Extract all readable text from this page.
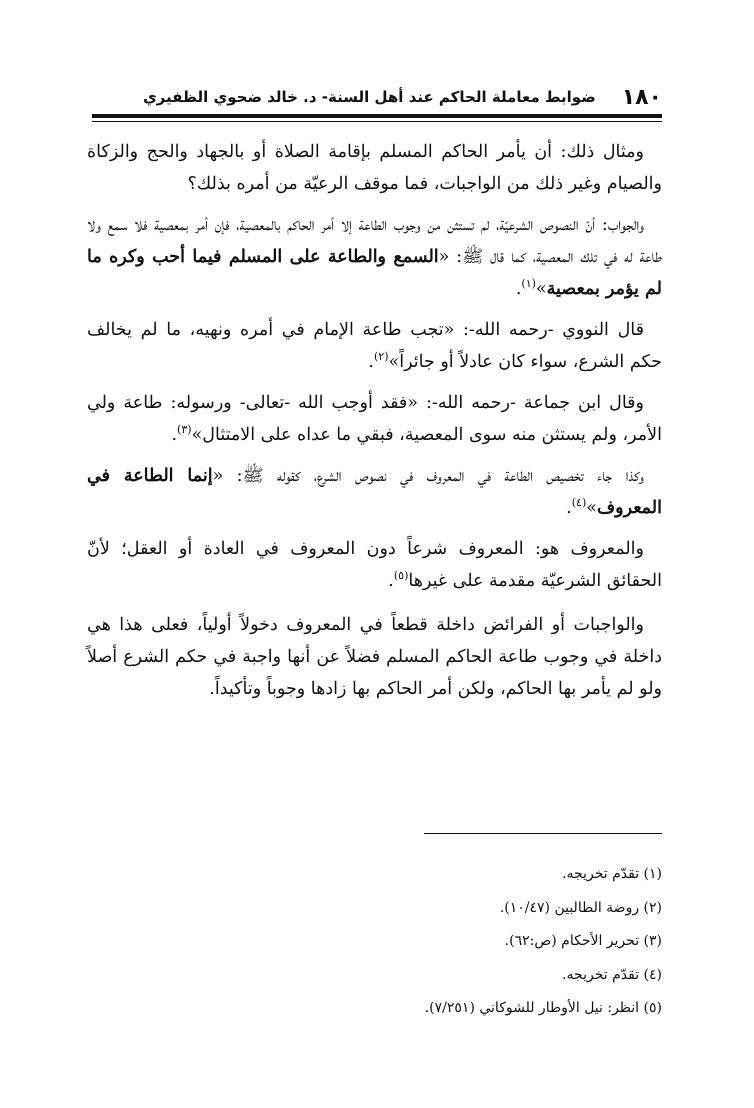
١٨٠
ضوابط معاملة الحاكم عند أهل السنة- د. خالد ضحوي الظفيري

ومثال ذلك: أن يأمر الحاكم المسلم بإقامة الصلاة أو بالجهاد والحج والزكاة والصيام وغير ذلك من الواجبات، فما موقف الرعيّة من أمره بذلك؟

والجواب: أنّ النصوص الشرعيّة، لم تستثن من وجوب الطاعة إلا أمر الحاكم بالمعصية، فإن أمر بمعصية فلا سمع ولا طاعة له في تلك المعصية، كما قال ﷺ: «السمع والطاعة على المسلم فيما أحب وكره ما لم يؤمر بمعصية»$^{(١)}$.

قال النووي -رحمه الله-: «تجب طاعة الإمام في أمره ونهيه، ما لم يخالف حكم الشرع، سواء كان عادلاً أو جائراً»$^{(٢)}$.

وقال ابن جماعة -رحمه الله-: «فقد أوجب الله -تعالى- ورسوله: طاعة ولي الأمر، ولم يستثن منه سوى المعصية، فبقي ما عداه على الامتثال»$^{(٣)}$.

وكذا جاء تخصيص الطاعة في المعروف في نصوص الشرع، كقوله ﷺ: «إنما الطاعة في المعروف»$^{(٤)}$.

والمعروف هو: المعروف شرعاً دون المعروف في العادة أو العقل؛ لأنّ الحقائق الشرعيّة مقدمة على غيرها$^{(٥)}$.

والواجبات أو الفرائض داخلة قطعاً في المعروف دخولاً أولياً، فعلى هذا هي داخلة في وجوب طاعة الحاكم المسلم فضلاً عن أنها واجبة في حكم الشرع أصلاً ولو لم يأمر بها الحاكم، ولكن أمر الحاكم بها زادها وجوباً وتأكيداً.

(١) تقدّم تخريجه.
(٢) روضة الطالبين (١٠/٤٧).
(٣) تحرير الأحكام (ص:٦٢).
(٤) تقدّم تخريجه.
(٥) انظر: نيل الأوطار للشوكاني (٧/٢٥١).
